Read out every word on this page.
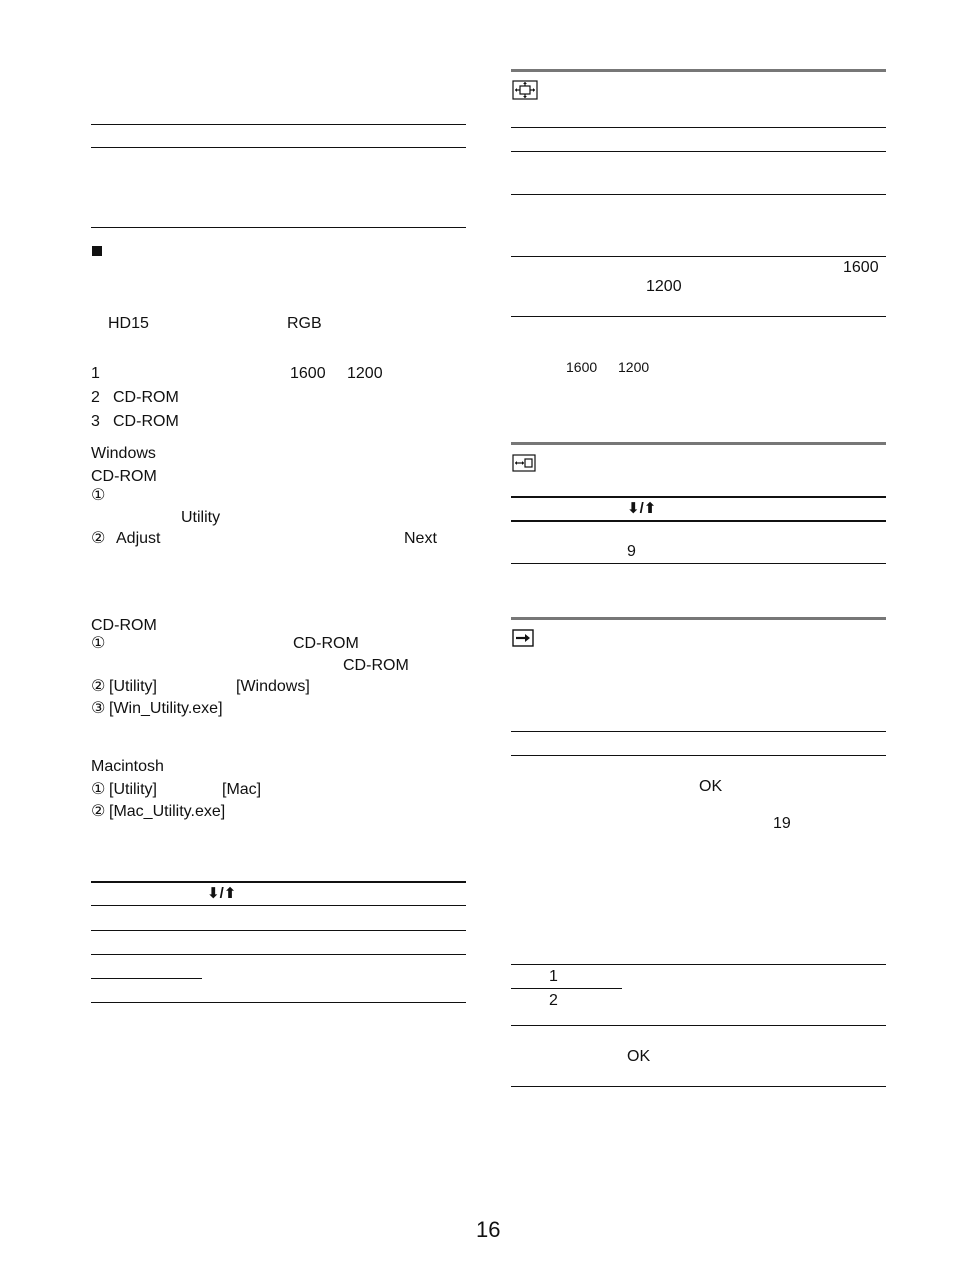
HD15	RGB
1	1600 1200
2 CD-ROM
3 CD-ROM
Windows
CD-ROM
①
Utility
② Adjust	Next
CD-ROM
①	CD-ROM
CD-ROM
② [Utility]	[Windows]
③ [Win_Utility.exe]
Macintosh
① [Utility]	[Mac]
② [Mac_Utility.exe]
⬇/⬆
1600
1200
1600 1200
⬇/⬆
9
OK
19
1
2
OK
16
